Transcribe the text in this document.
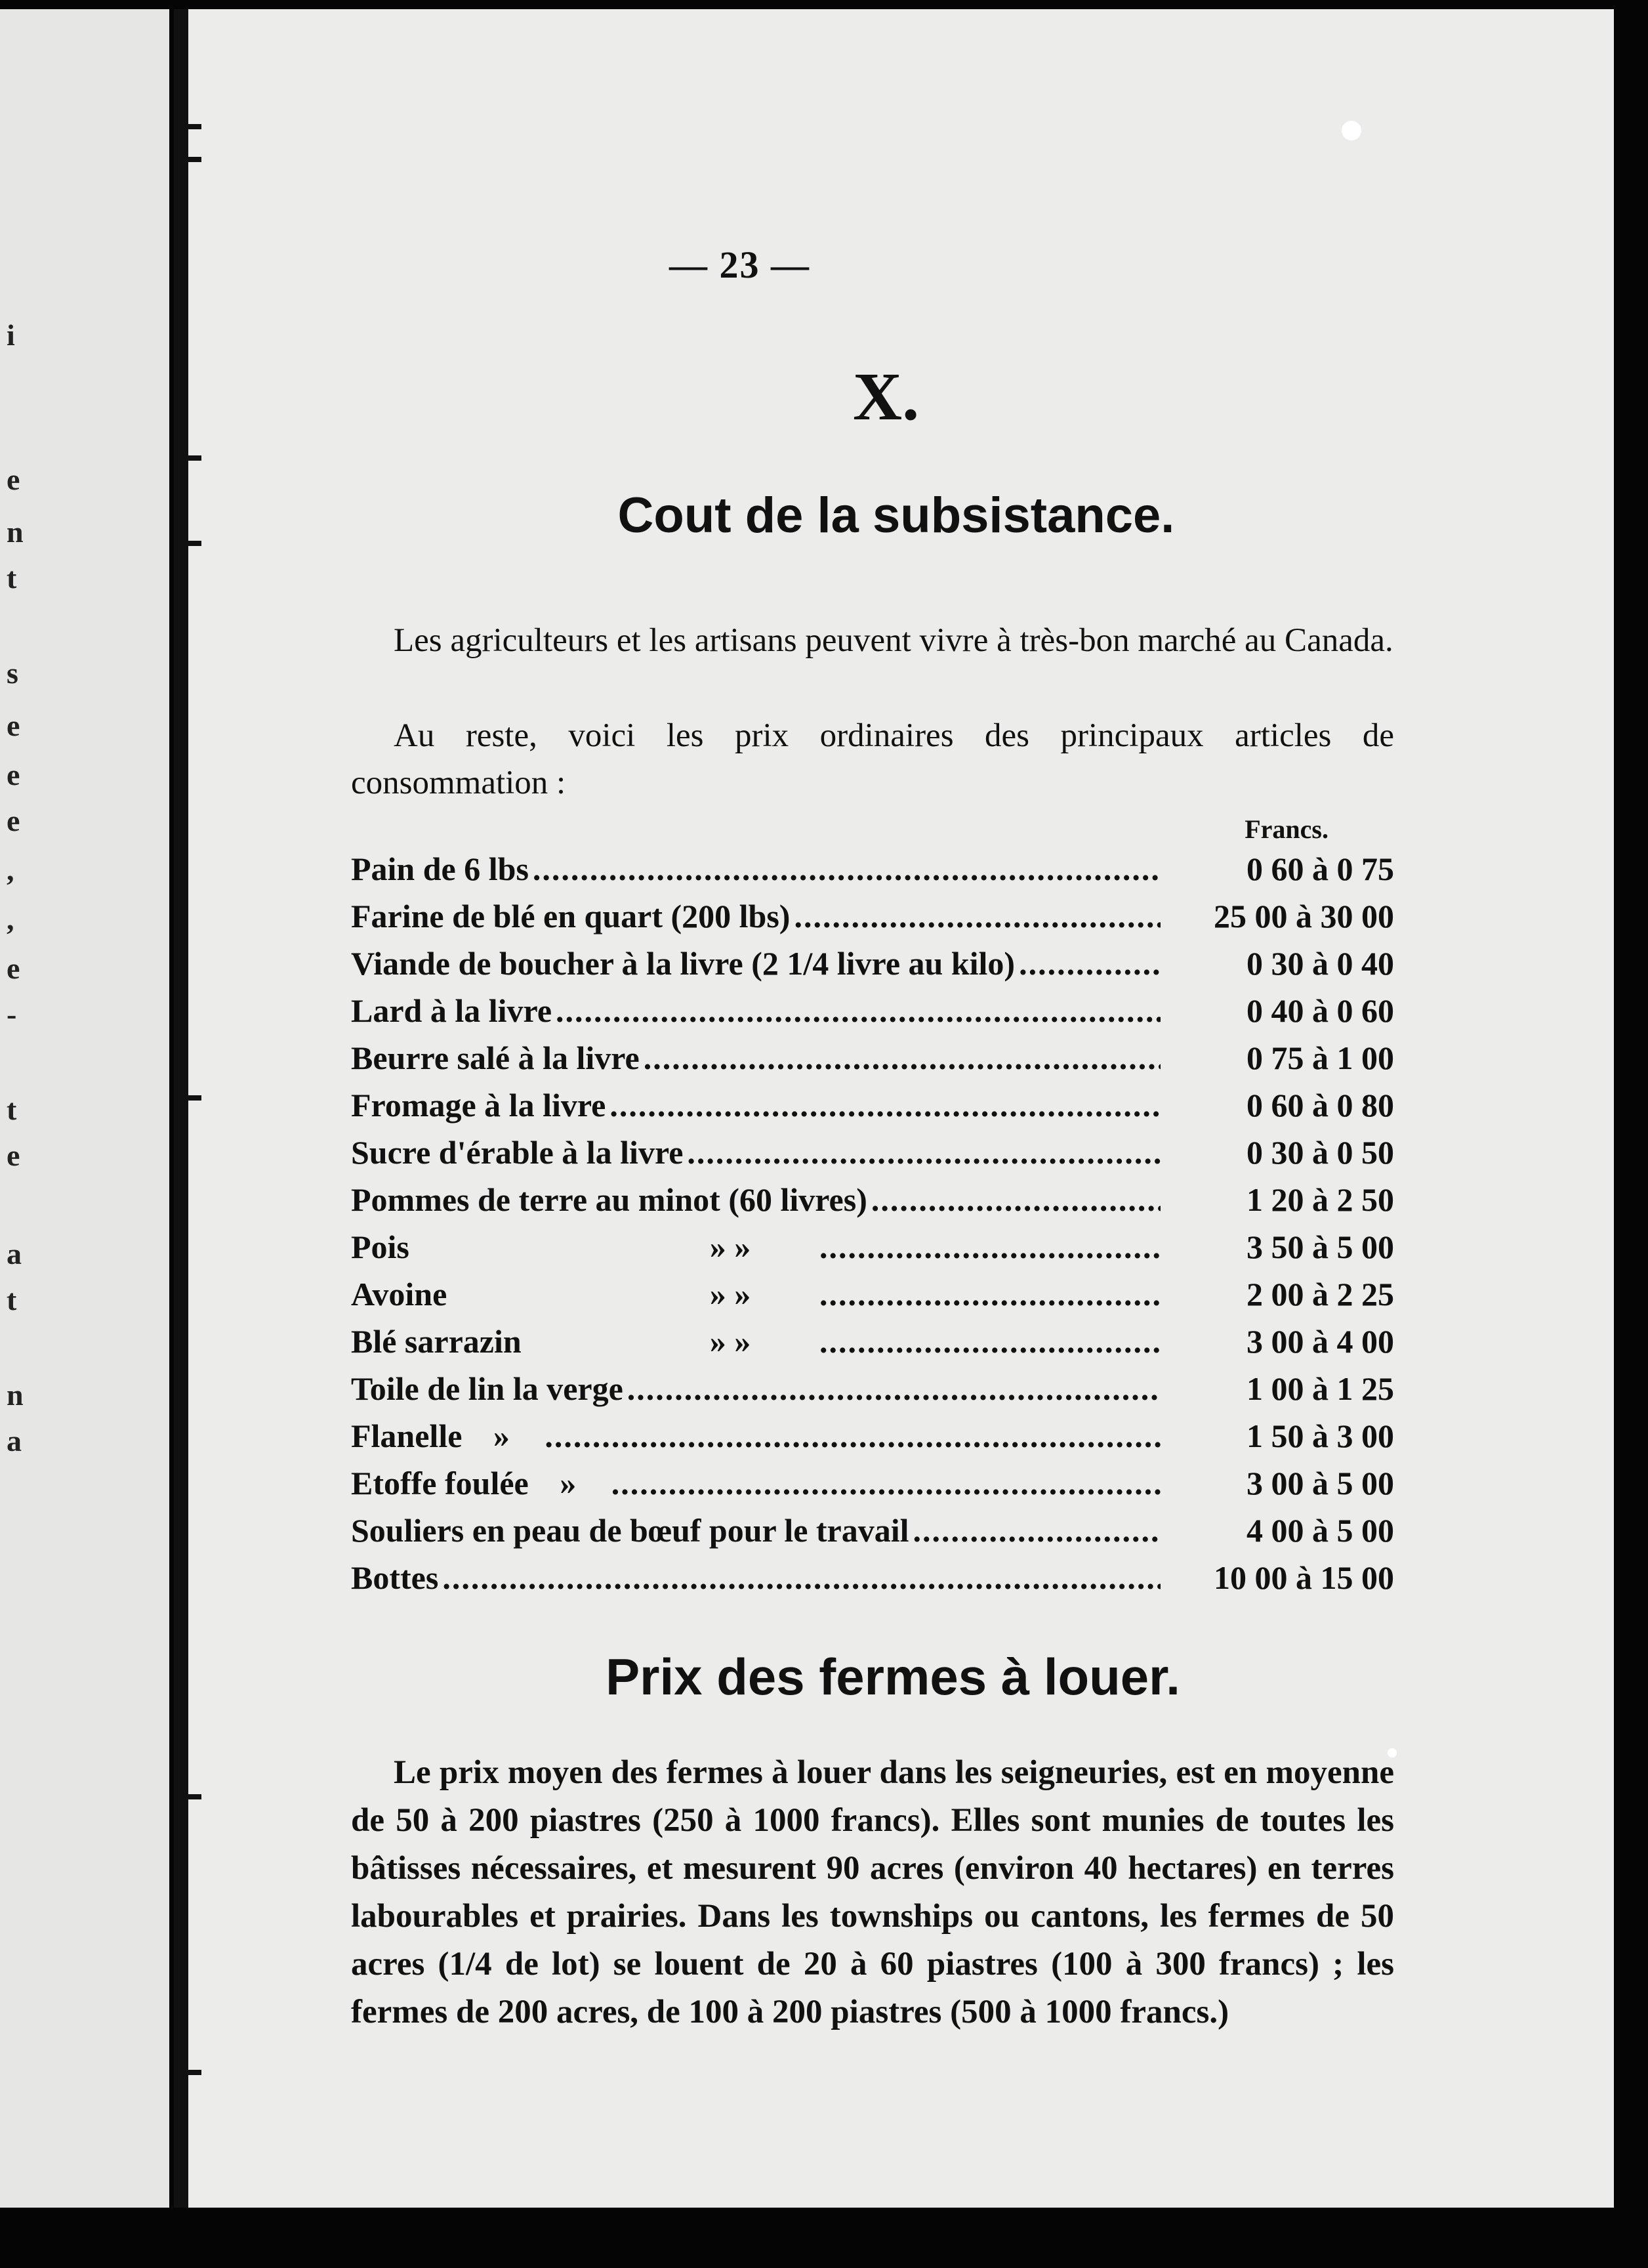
i
e
n
t
s
e
e
e
,
,
e
-
t
e
a
t
n
a
— 23 —
X.
Cout de la subsistance.
Les agriculteurs et les artisans peuvent vivre à très-bon marché au Canada.
Au reste, voici les prix ordinaires des principaux articles de consommation :
Francs.
Pain de 6 lbs .....	0 60 à 0 75
Farine de blé en quart (200 lbs) .....	25 00 à 30 00
Viande de boucher à la livre (2 1/4 livre au kilo) .....	0 30 à 0 40
Lard à la livre .....	0 40 à 0 60
Beurre salé à la livre .....	0 75 à 1 00
Fromage à la livre .....	0 60 à 0 80
Sucre d'érable à la livre .....	0 30 à 0 50
Pommes de terre au minot (60 livres) .....	1 20 à 2 50
Pois	» » .....	3 50 à 5 00
Avoine	» » .....	2 00 à 2 25
Blé sarrazin	» » .....	3 00 à 4 00
Toile de lin la verge .....	1 00 à 1 25
Flanelle » .....	1 50 à 3 00
Etoffe foulée » .....	3 00 à 5 00
Souliers en peau de bœuf pour le travail .....	4 00 à 5 00
Bottes .....	10 00 à 15 00
Prix des fermes à louer.
Le prix moyen des fermes à louer dans les seigneuries, est en moyenne de 50 à 200 piastres (250 à 1000 francs). Elles sont munies de toutes les bâtisses nécessaires, et mesurent 90 acres (environ 40 hectares) en terres labourables et prairies. Dans les townships ou cantons, les fermes de 50 acres (1/4 de lot) se louent de 20 à 60 piastres (100 à 300 francs) ; les fermes de 200 acres, de 100 à 200 piastres (500 à 1000 francs.)
